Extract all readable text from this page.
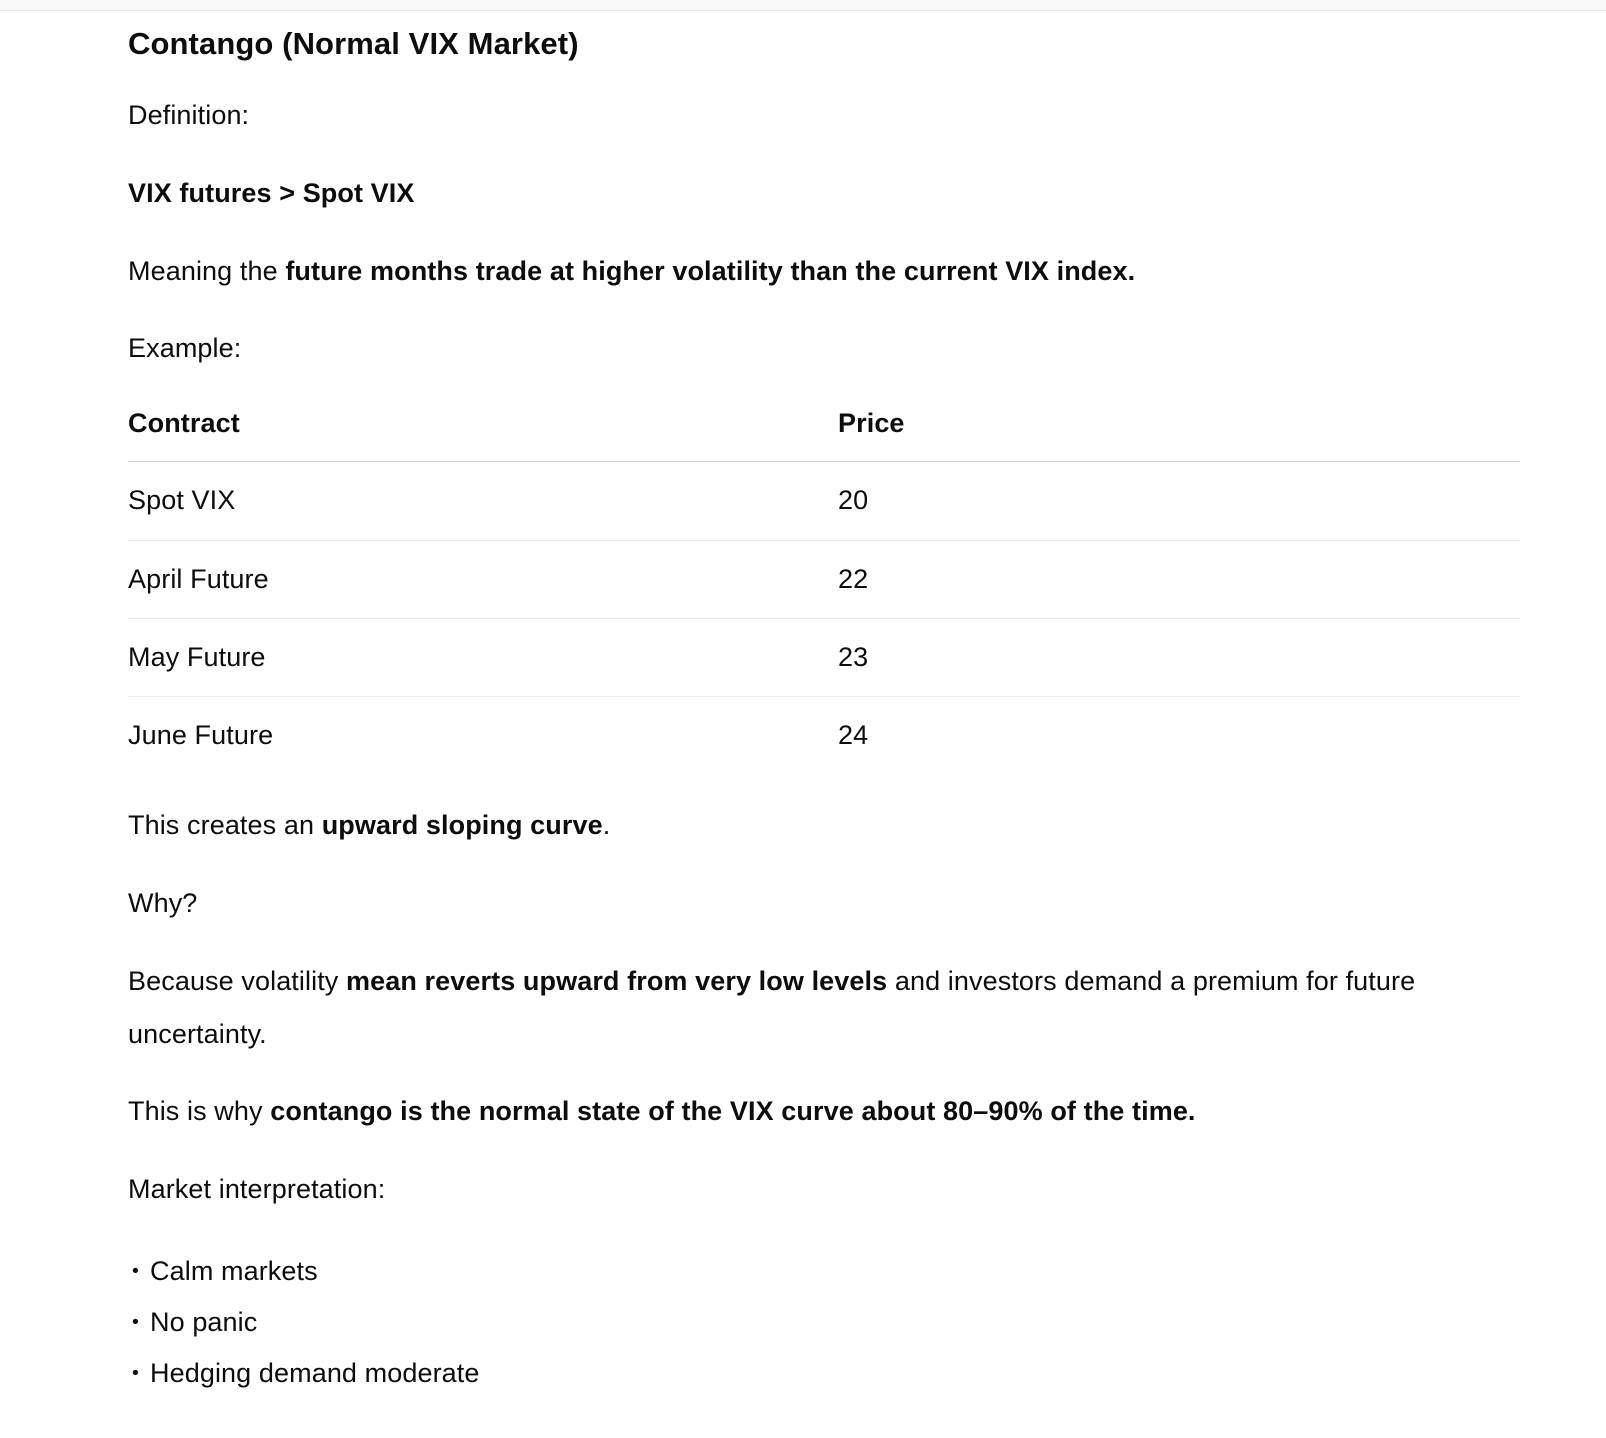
Contango (Normal VIX Market)

Definition:

VIX futures > Spot VIX

Meaning the future months trade at higher volatility than the current VIX index.

Example:

Contract	Price
Spot VIX	20
April Future	22
May Future	23
June Future	24

This creates an upward sloping curve.

Why?

Because volatility mean reverts upward from very low levels and investors demand a premium for future uncertainty.

This is why contango is the normal state of the VIX curve about 80–90% of the time.

Market interpretation:

• Calm markets
• No panic
• Hedging demand moderate
